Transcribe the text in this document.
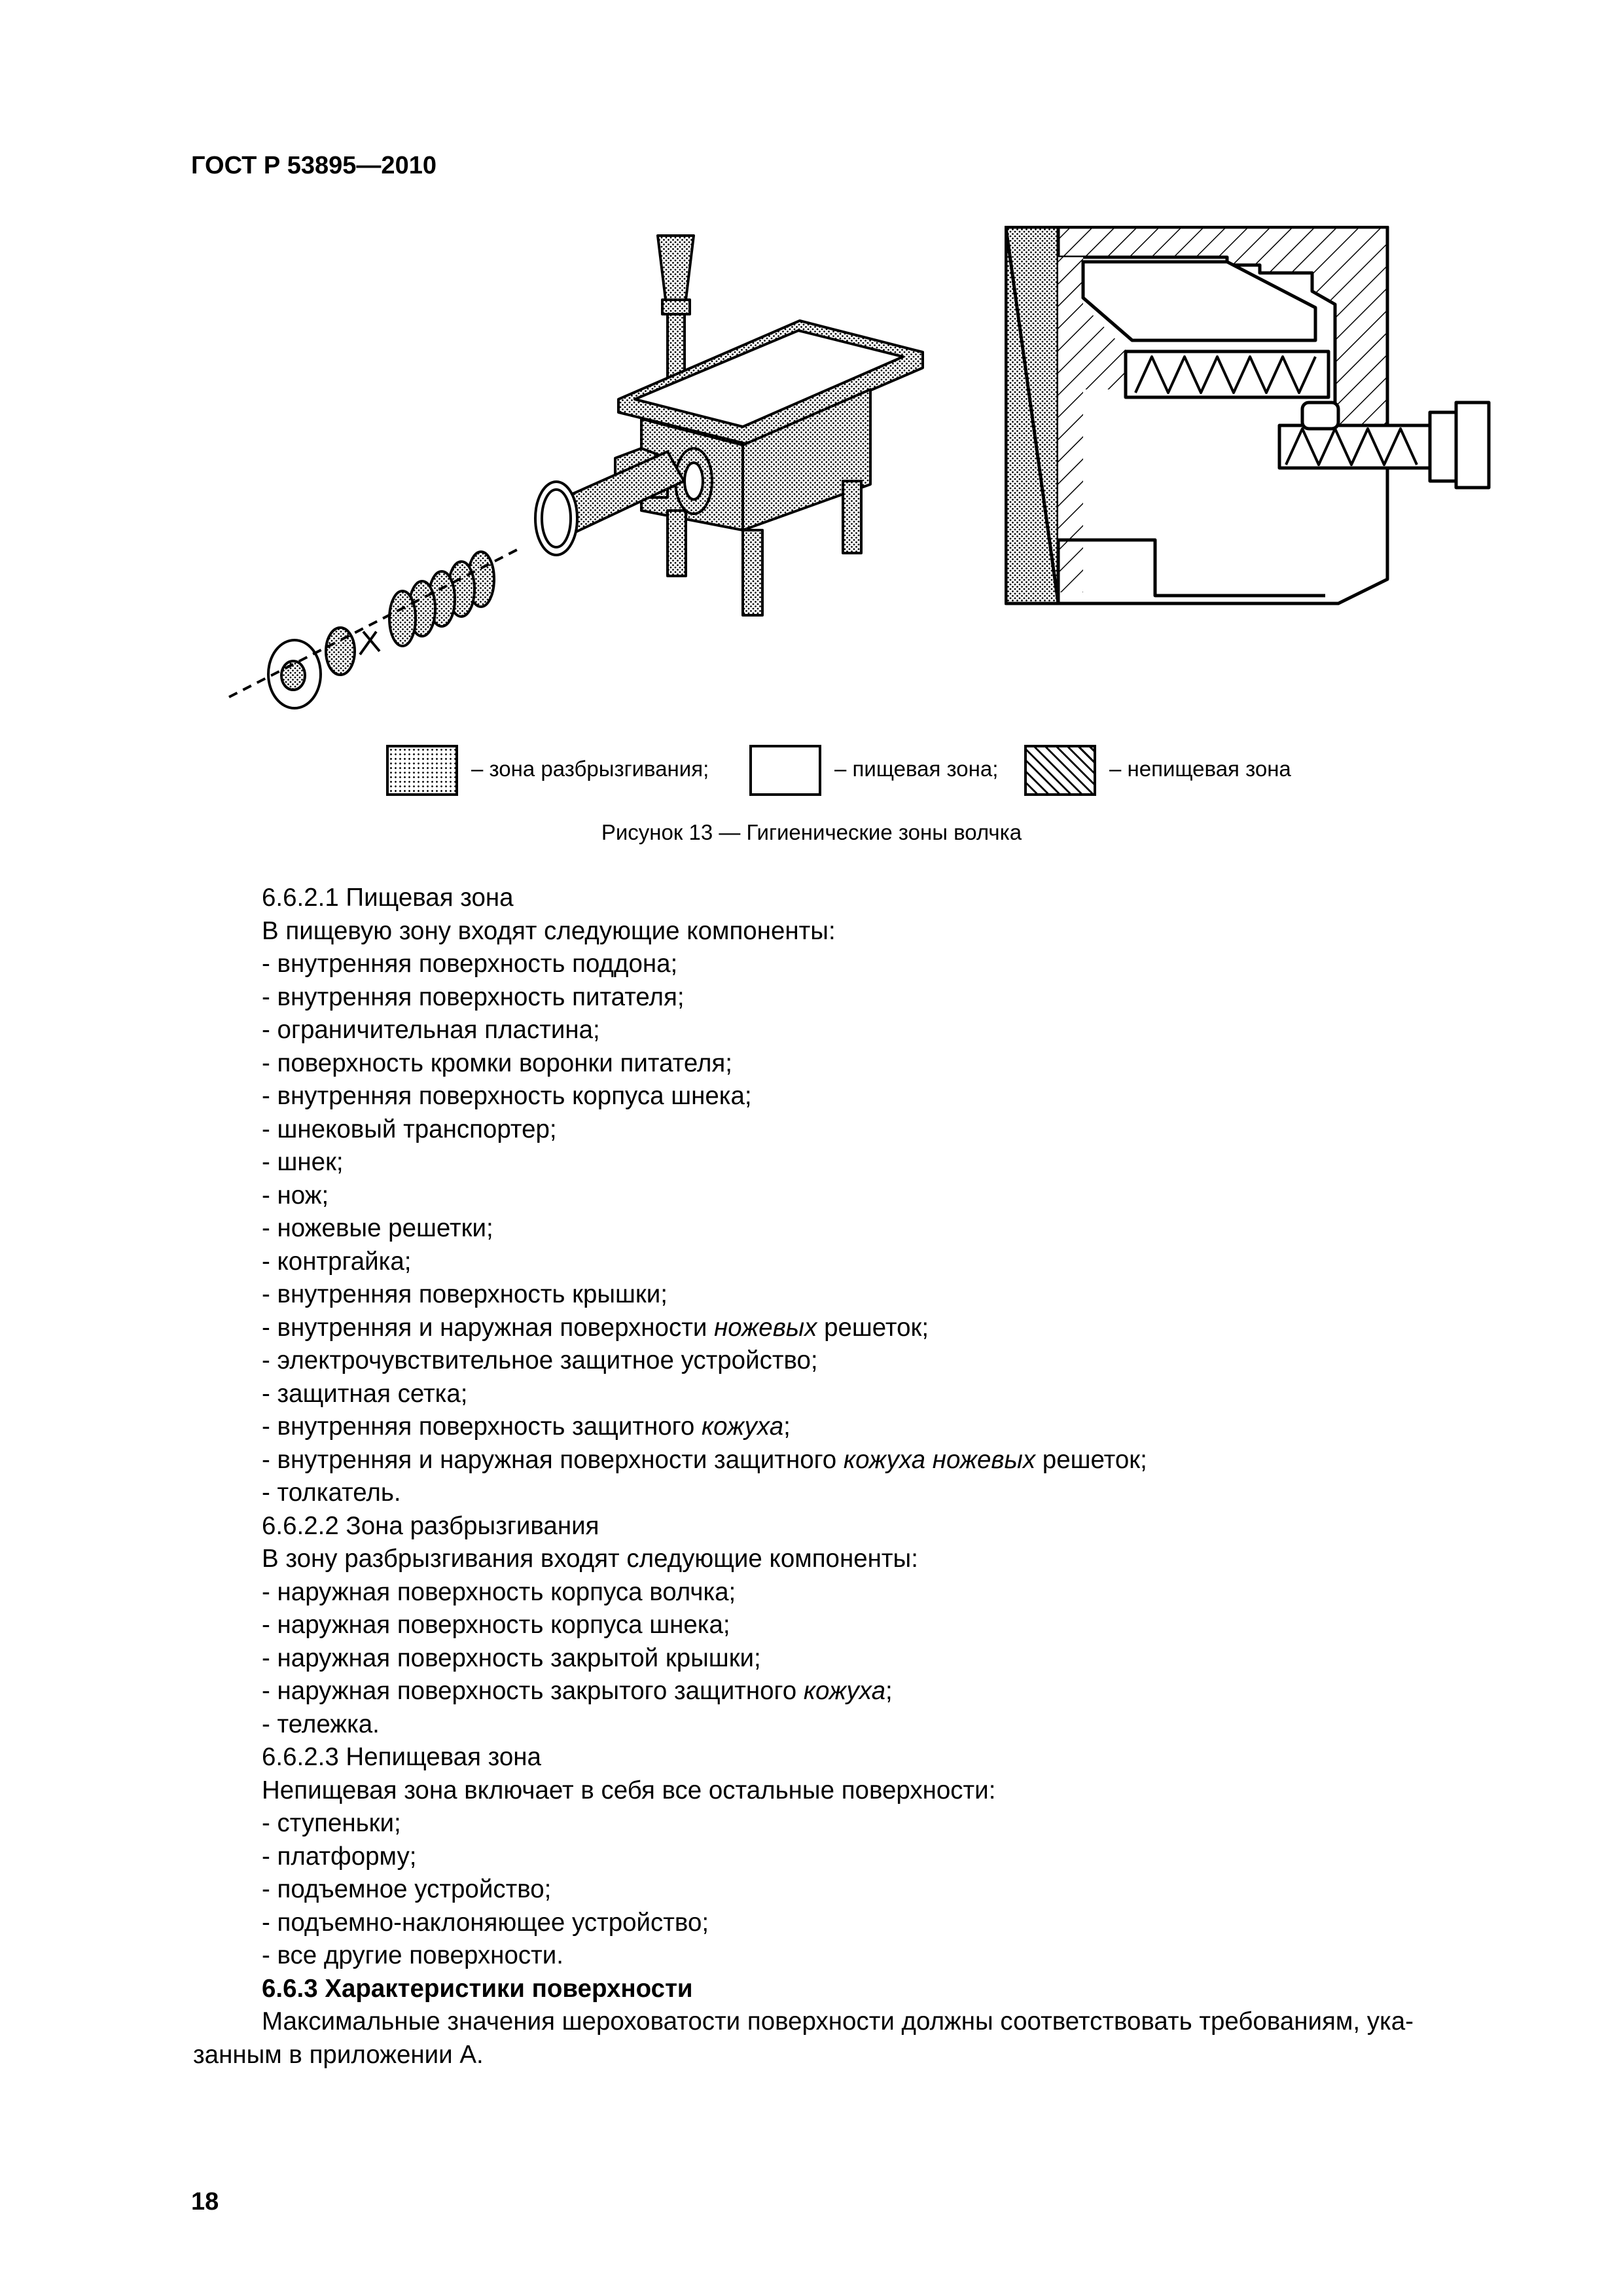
ГОСТ Р 53895—2010
– зона разбрызгивания;	– пищевая зона;	– непищевая зона
Рисунок 13 — Гигиенические зоны волчка
6.6.2.1 Пищевая зона
В пищевую зону входят следующие компоненты:
- внутренняя поверхность поддона;
- внутренняя поверхность питателя;
- ограничительная пластина;
- поверхность кромки воронки питателя;
- внутренняя поверхность корпуса шнека;
- шнековый транспортер;
- шнек;
- нож;
- ножевые решетки;
- контргайка;
- внутренняя поверхность крышки;
- внутренняя и наружная поверхности ножевых решеток;
- электрочувствительное защитное устройство;
- защитная сетка;
- внутренняя поверхность защитного кожуха;
- внутренняя и наружная поверхности защитного кожуха ножевых решеток;
- толкатель.
6.6.2.2 Зона разбрызгивания
В зону разбрызгивания входят следующие компоненты:
- наружная поверхность корпуса волчка;
- наружная поверхность корпуса шнека;
- наружная поверхность закрытой крышки;
- наружная поверхность закрытого защитного кожуха;
- тележка.
6.6.2.3 Непищевая зона
Непищевая зона включает в себя все остальные поверхности:
- ступеньки;
- платформу;
- подъемное устройство;
- подъемно-наклоняющее устройство;
- все другие поверхности.
6.6.3 Характеристики поверхности
Максимальные значения шероховатости поверхности должны соответствовать требованиям, ука-
занным в приложении А.
18
